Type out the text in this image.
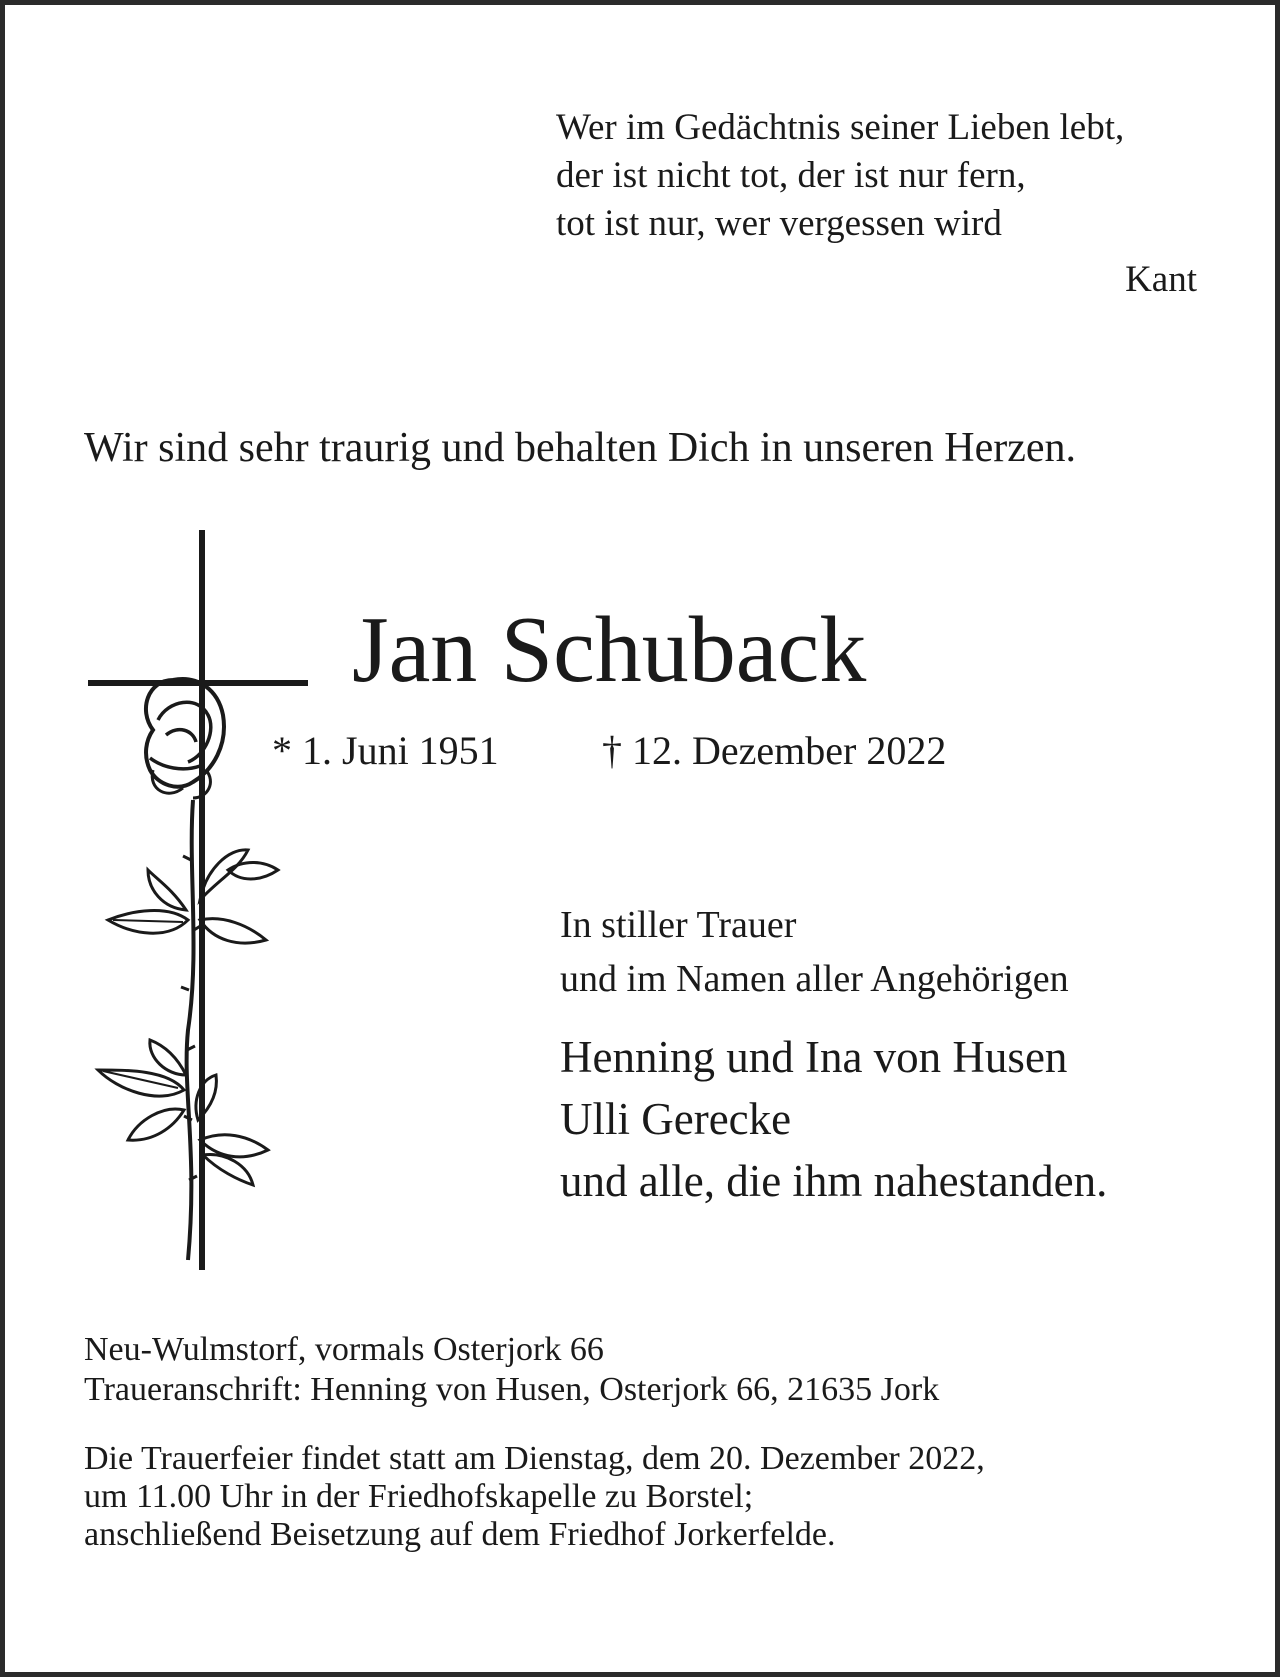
Wer im Gedächtnis seiner Lieben lebt,
der ist nicht tot, der ist nur fern,
tot ist nur, wer vergessen wird
Kant
Wir sind sehr traurig und behalten Dich in unseren Herzen.
Jan Schuback
* 1. Juni 1951	† 12. Dezember 2022
In stiller Trauer
und im Namen aller Angehörigen
Henning und Ina von Husen
Ulli Gerecke
und alle, die ihm nahestanden.
Neu-Wulmstorf, vormals Osterjork 66
Traueranschrift: Henning von Husen, Osterjork 66, 21635 Jork
Die Trauerfeier findet statt am Dienstag, dem 20. Dezember 2022,
um 11.00 Uhr in der Friedhofskapelle zu Borstel;
anschließend Beisetzung auf dem Friedhof Jorkerfelde.
